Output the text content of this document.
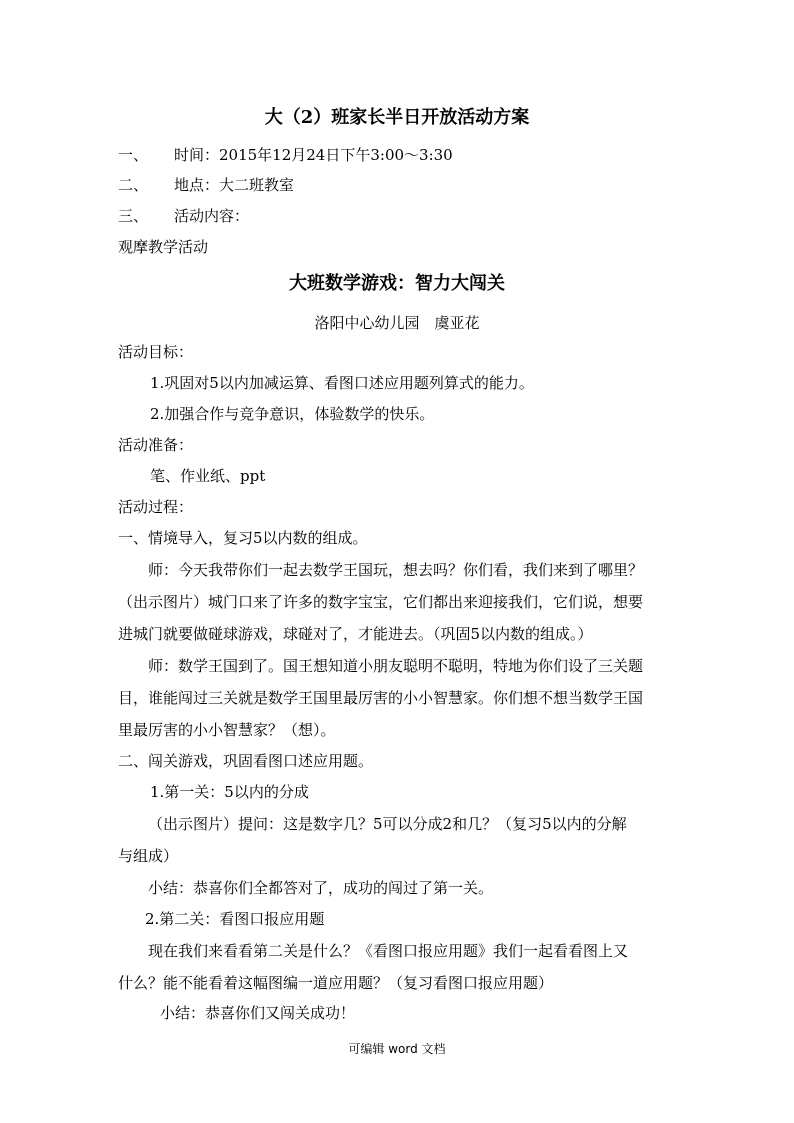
大（2）班家长半日开放活动方案
一、 时间：2015年12月24日下午3:00～3:30
二、 地点：大二班教室
三、 活动内容：
观摩教学活动
大班数学游戏：智力大闯关
洛阳中心幼儿园　虞亚花
活动目标：
1.巩固对5以内加减运算、看图口述应用题列算式的能力。
2.加强合作与竞争意识，体验数学的快乐。
活动准备：
笔、作业纸、ppt
活动过程：
一、情境导入，复习5以内数的组成。
师：今天我带你们一起去数学王国玩，想去吗？你们看，我们来到了哪里？
（出示图片）城门口来了许多的数字宝宝，它们都出来迎接我们，它们说，想要
进城门就要做碰球游戏，球碰对了，才能进去。（巩固5以内数的组成。）
师：数学王国到了。国王想知道小朋友聪明不聪明，特地为你们设了三关题
目，谁能闯过三关就是数学王国里最厉害的小小智慧家。你们想不想当数学王国
里最厉害的小小智慧家？（想）。
二、闯关游戏，巩固看图口述应用题。
1.第一关：5以内的分成
（出示图片）提问：这是数字几？5可以分成2和几？（复习5以内的分解
与组成）
小结：恭喜你们全都答对了，成功的闯过了第一关。
2.第二关：看图口报应用题
现在我们来看看第二关是什么？《看图口报应用题》我们一起看看图上又
什么？能不能看着这幅图编一道应用题？（复习看图口报应用题）
小结：恭喜你们又闯关成功！
可编辑 word 文档
